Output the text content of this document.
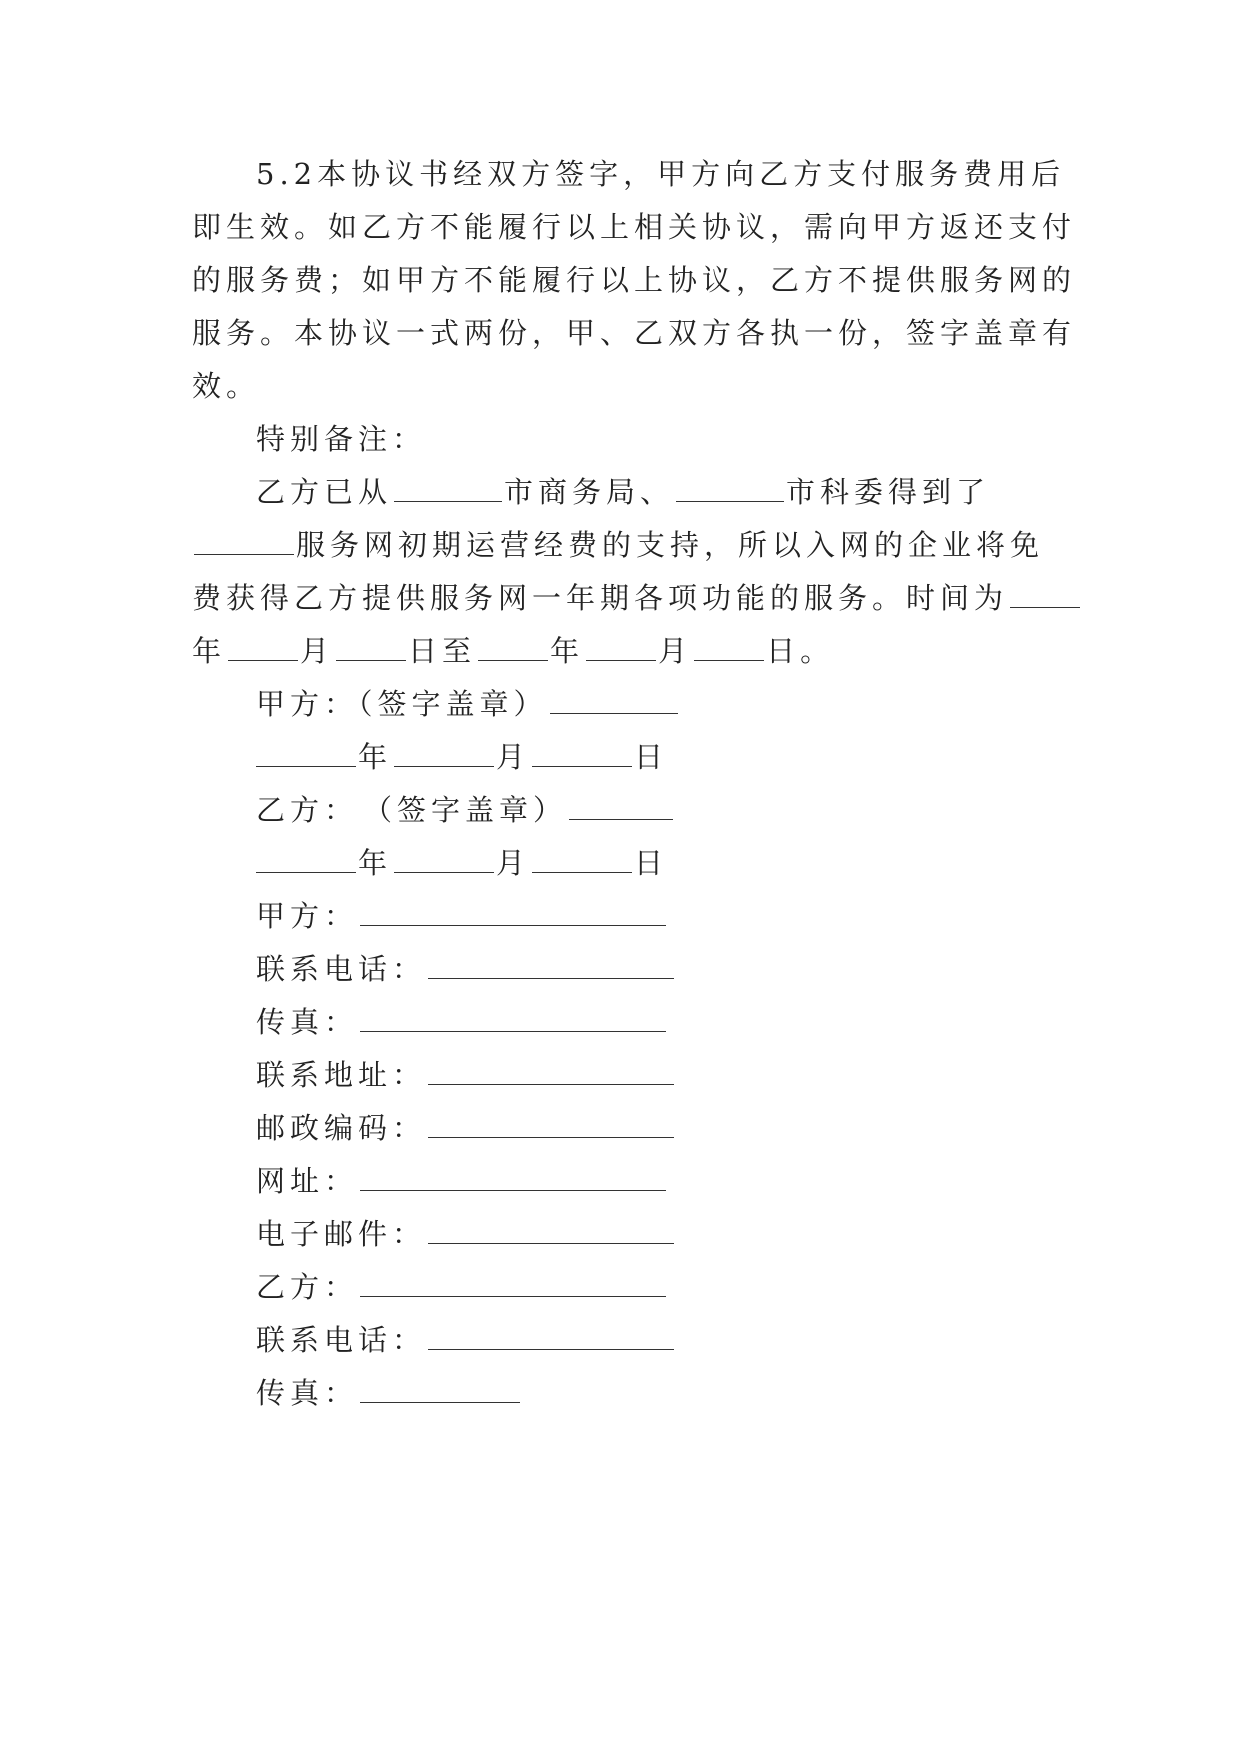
5.2本协议书经双方签字，甲方向乙方支付服务费用后
即生效。如乙方不能履行以上相关协议，需向甲方返还支付
的服务费；如甲方不能履行以上协议，乙方不提供服务网的
服务。本协议一式两份，甲、乙双方各执一份，签字盖章有
效。
特别备注：
乙方已从	市商务局、	市科委得到了
服务网初期运营经费的支持，所以入网的企业将免
费获得乙方提供服务网一年期各项功能的服务。时间为
年	月	日至	年	月	日。
甲方：（签字盖章）
年	月	日
乙方：　（签字盖章）
年	月	日
甲方：
联系电话：
传真：
联系地址：
邮政编码：
网址：
电子邮件：
乙方：
联系电话：
传真：
